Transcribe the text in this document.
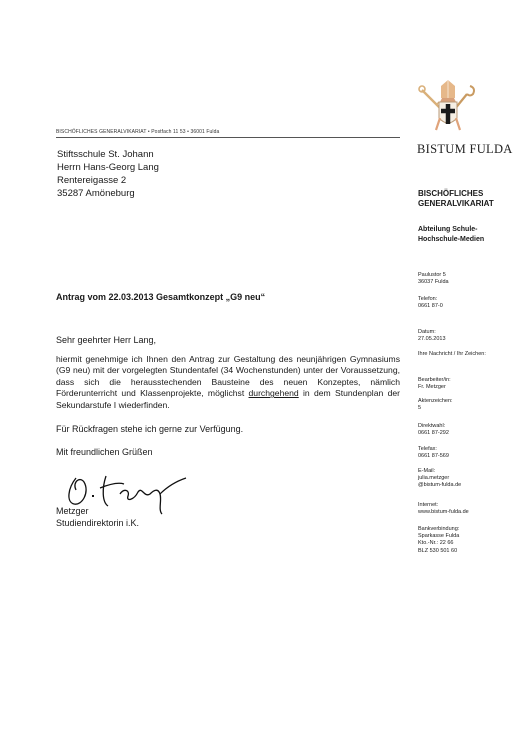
BISCHÖFLICHES GENERALVIKARIAT • Postfach 11 53 • 36001 Fulda
BISTUM FULDA
Stiftsschule St. Johann
Herrn Hans-Georg Lang
Rentereigasse 2
35287 Amöneburg	BISCHÖFLICHES
GENERALVIKARIAT
Abteilung Schule-
Hochschule-Medien
Paulustor 5
36037 Fulda
Telefon:
0661 87-0
Datum:
27.05.2013
Ihre Nachricht / Ihr Zeichen:
Bearbeiter/in:
Fr. Metzger
Aktenzeichen:
5
Direktwahl:
0661 87-292
Telefax:
0661 87-569
E-Mail:
julia.metzger
@bistum-fulda.de
Internet:
www.bistum-fulda.de
Bankverbindung:
Sparkasse Fulda
Kto.-Nr.: 22 66
BLZ 530 501 60
Antrag vom 22.03.2013 Gesamtkonzept „G9 neu“
Sehr geehrter Herr Lang,
hiermit genehmige ich Ihnen den Antrag zur Gestaltung des neunjährigen Gymnasiums (G9 neu) mit der vorgelegten Stundentafel (34 Wochenstunden) unter der Voraussetzung, dass sich die herausstechenden Bausteine des neuen Konzeptes, nämlich Förderunterricht und Klassenprojekte, möglichst durchgehend in dem Stundenplan der Sekundarstufe I wiederfinden.
Für Rückfragen stehe ich gerne zur Verfügung.
Mit freundlichen Grüßen
Metzger
Studiendirektorin i.K.
